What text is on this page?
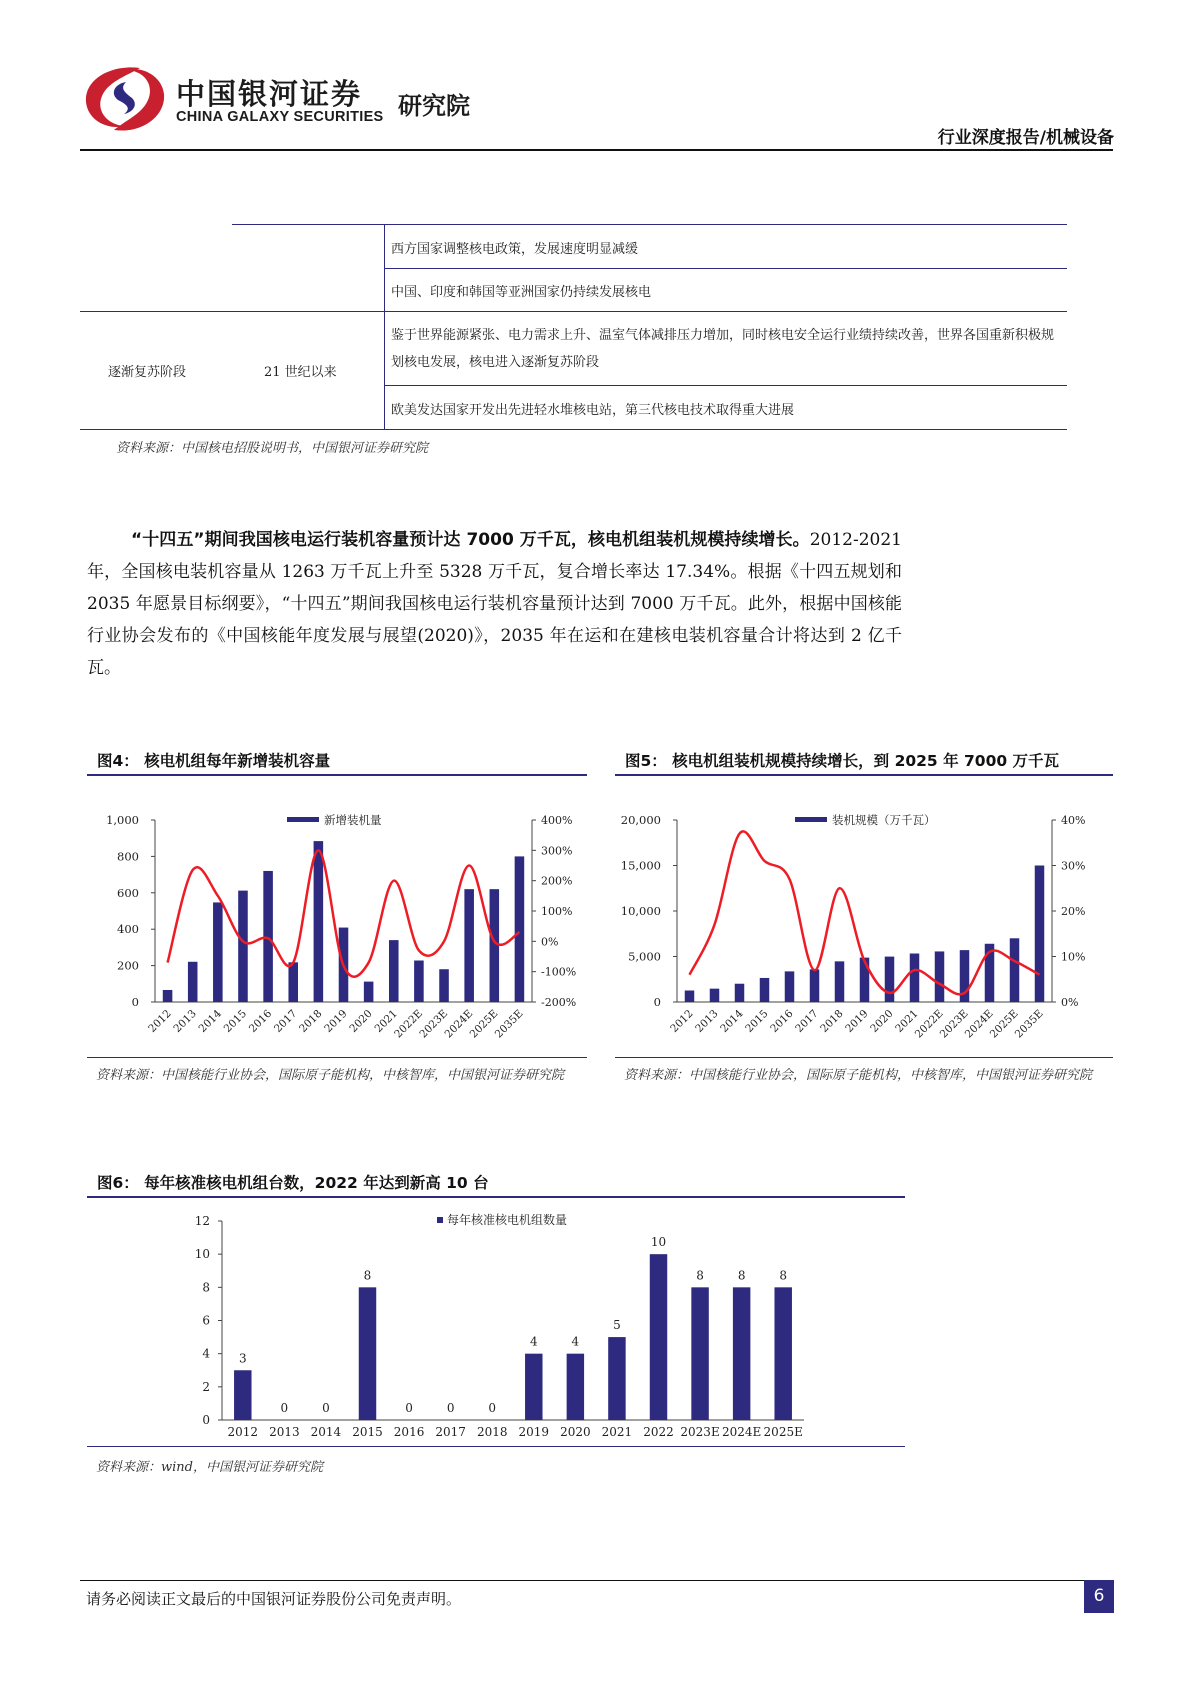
中国银河证券
CHINA GALAXY SECURITIES 研究院
行业深度报告/机械设备
西方国家调整核电政策，发展速度明显减缓
中国、印度和韩国等亚洲国家仍持续发展核电
逐渐复苏阶段	21 世纪以来
鉴于世界能源紧张、电力需求上升、温室气体减排压力增加，同时核电安全运行业绩持续改善，世界各国重新积极规划核电发展，核电进入逐渐复苏阶段
欧美发达国家开发出先进轻水堆核电站，第三代核电技术取得重大进展
资料来源：中国核电招股说明书，中国银河证券研究院
“十四五”期间我国核电运行装机容量预计达 7000 万千瓦，核电机组装机规模持续增长。2012-2021 年，全国核电装机容量从 1263 万千瓦上升至 5328 万千瓦，复合增长率达 17.34%。根据《十四五规划和 2035 年愿景目标纲要》，“十四五”期间我国核电运行装机容量预计达到 7000 万千瓦。此外，根据中国核能行业协会发布的《中国核能年度发展与展望(2020)》，2035 年在运和在建核电装机容量合计将达到 2 亿千瓦。
图4： 核电机组每年新增装机容量
1,000
800
600
400
200
0
400%
300%
200%
100%
0%
-100%
-200%
2012
2013
2014
2015
2016
2017
2018
2019
2020
2021
2022E
2023E
2024E
2025E
2035E
新增装机量
资料来源：中国核能行业协会，国际原子能机构，中核智库，中国银河证券研究院
图5： 核电机组装机规模持续增长，到 2025 年 7000 万千瓦
20,000
15,000
10,000
5,000
0
40%
30%
20%
10%
0%
2012
2013
2014
2015
2016
2017
2018
2019
2020
2021
2022E
2023E
2024E
2025E
2035E
装机规模（万千瓦）
资料来源：中国核能行业协会，国际原子能机构，中核智库，中国银河证券研究院
图6： 每年核准核电机组台数，2022 年达到新高 10 台
12
10
8
6
4
2
0
3
2012
0
2013
0
2014
8
2015
0
2016
0
2017
0
2018
4
2019
4
2020
5
2021
10
2022
8
2023E
8
2024E
8
2025E
每年核准核电机组数量
资料来源：wind，中国银河证券研究院
请务必阅读正文最后的中国银河证券股份公司免责声明。	6
